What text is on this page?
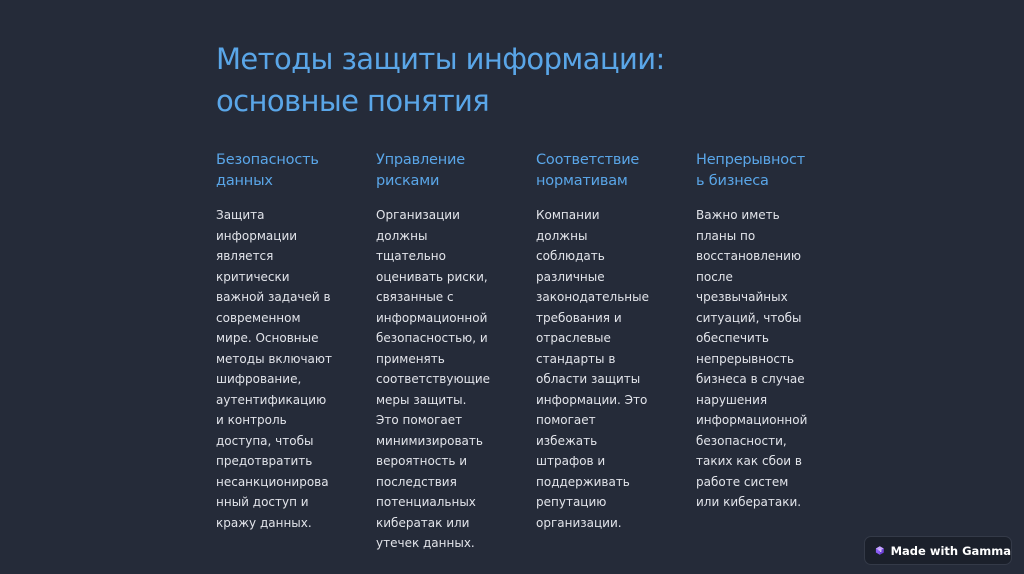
Методы защиты информации:
основные понятия
Безопасность
данных
Защита
информации
является
критически
важной задачей в
современном
мире. Основные
методы включают
шифрование,
аутентификацию
и контроль
доступа, чтобы
предотвратить
несанкционирова
нный доступ и
кражу данных.
Управление
рисками
Организации
должны
тщательно
оценивать риски,
связанные с
информационной
безопасностью, и
применять
соответствующие
меры защиты.
Это помогает
минимизировать
вероятность и
последствия
потенциальных
кибератак или
утечек данных.
Соответствие
нормативам
Компании
должны
соблюдать
различные
законодательные
требования и
отраслевые
стандарты в
области защиты
информации. Это
помогает
избежать
штрафов и
поддерживать
репутацию
организации.
Непрерывност
ь бизнеса
Важно иметь
планы по
восстановлению
после
чрезвычайных
ситуаций, чтобы
обеспечить
непрерывность
бизнеса в случае
нарушения
информационной
безопасности,
таких как сбои в
работе систем
или кибератаки.
Made with Gamma
